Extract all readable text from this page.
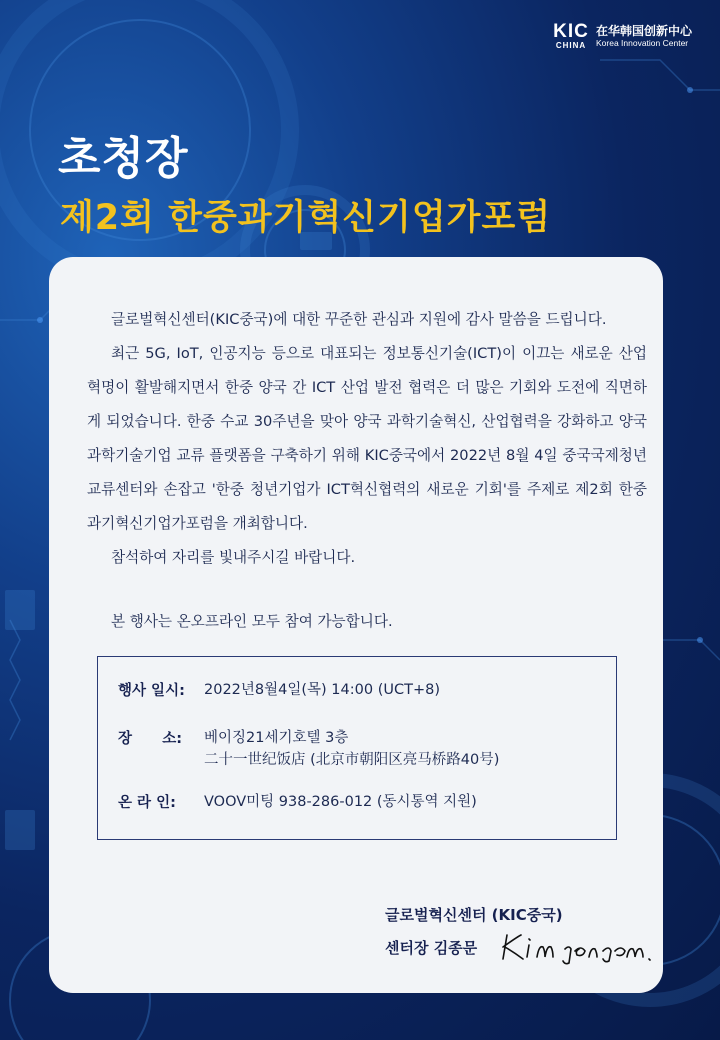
KIC
CHINA
在华韩国创新中心
Korea Innovation Center
초청장
제2회 한중과기혁신기업가포럼

글로벌혁신센터(KIC중국)에 대한 꾸준한 관심과 지원에 감사 말씀을 드립니다.

최근 5G, IoT, 인공지능 등으로 대표되는 정보통신기술(ICT)이 이끄는 새로운 산업혁명이 활발해지면서 한중 양국 간 ICT 산업 발전 협력은 더 많은 기회와 도전에 직면하게 되었습니다. 한중 수교 30주년을 맞아 양국 과학기술혁신, 산업협력을 강화하고 양국 과학기술기업 교류 플랫폼을 구축하기 위해 KIC중국에서 2022년 8월 4일 중국국제청년교류센터와 손잡고 '한중 청년기업가 ICT혁신협력의 새로운 기회'를 주제로 제2회 한중 과기혁신기업가포럼을 개최합니다.

참석하여 자리를 빛내주시길 바랍니다.

본 행사는 온오프라인 모두 참여 가능합니다.

행사 일시:	2022년8월4일(목) 14:00 (UCT+8)
장      소:	베이징21세기호텔 3층
二十一世纪饭店 (北京市朝阳区亮马桥路40号)
온 라 인:	VOOV미팅 938-286-012 (동시통역 지원)
글로벌혁신센터 (KIC중국)
센터장 김종문
